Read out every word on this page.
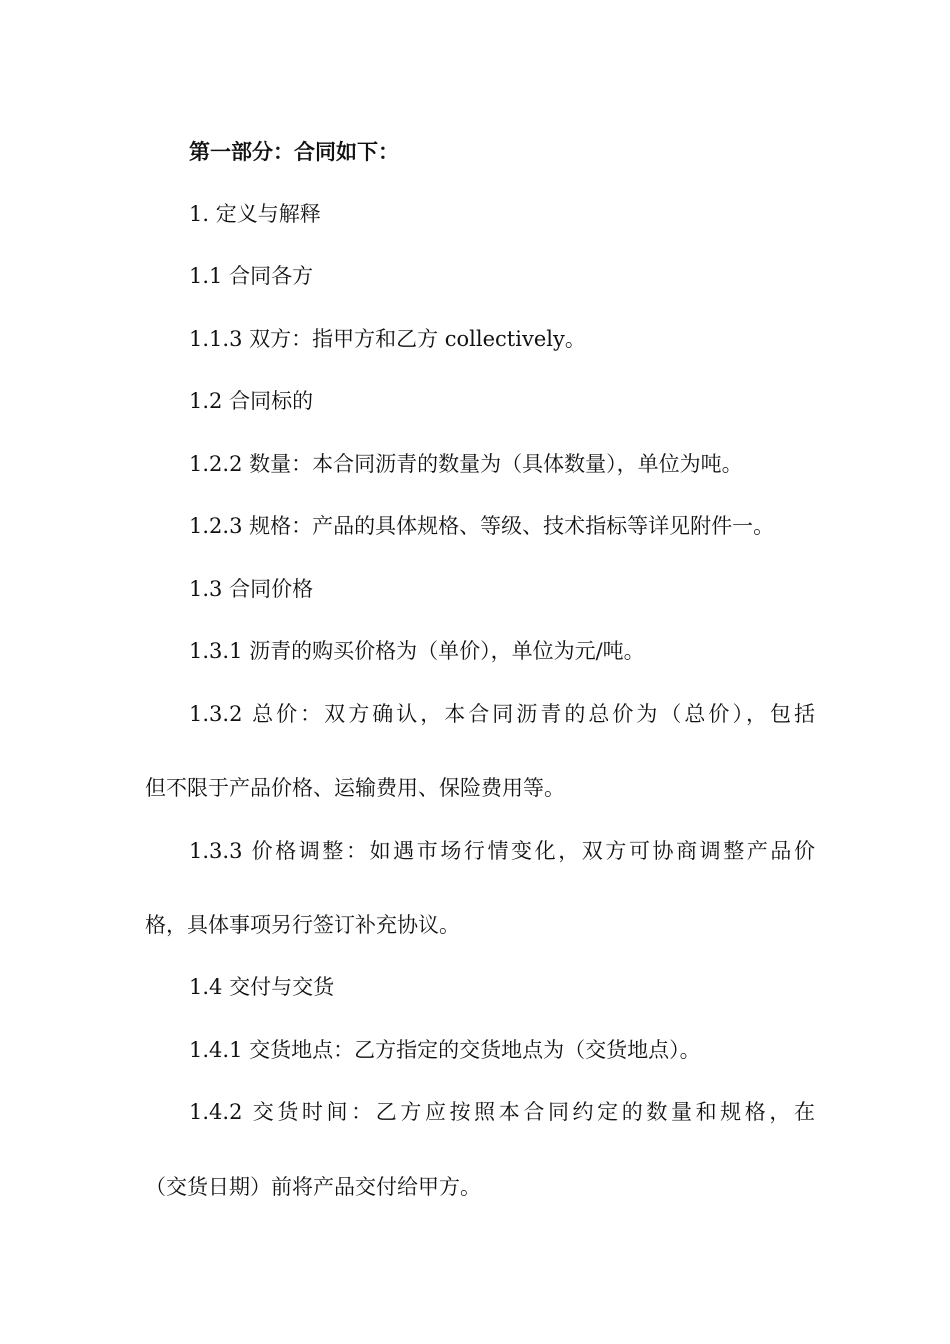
第一部分：合同如下：

1. 定义与解释

1.1 合同各方

1.1.3 双方：指甲方和乙方 collectively。

1.2 合同标的

1.2.2 数量：本合同沥青的数量为（具体数量），单位为吨。

1.2.3 规格：产品的具体规格、等级、技术指标等详见附件一。

1.3 合同价格

1.3.1 沥青的购买价格为（单价），单位为元/吨。

1.3.2 总价：双方确认，本合同沥青的总价为（总价），包括

但不限于产品价格、运输费用、保险费用等。

1.3.3 价格调整：如遇市场行情变化，双方可协商调整产品价

格，具体事项另行签订补充协议。

1.4 交付与交货

1.4.1 交货地点：乙方指定的交货地点为（交货地点）。

1.4.2 交货时间：乙方应按照本合同约定的数量和规格，在

（交货日期）前将产品交付给甲方。
